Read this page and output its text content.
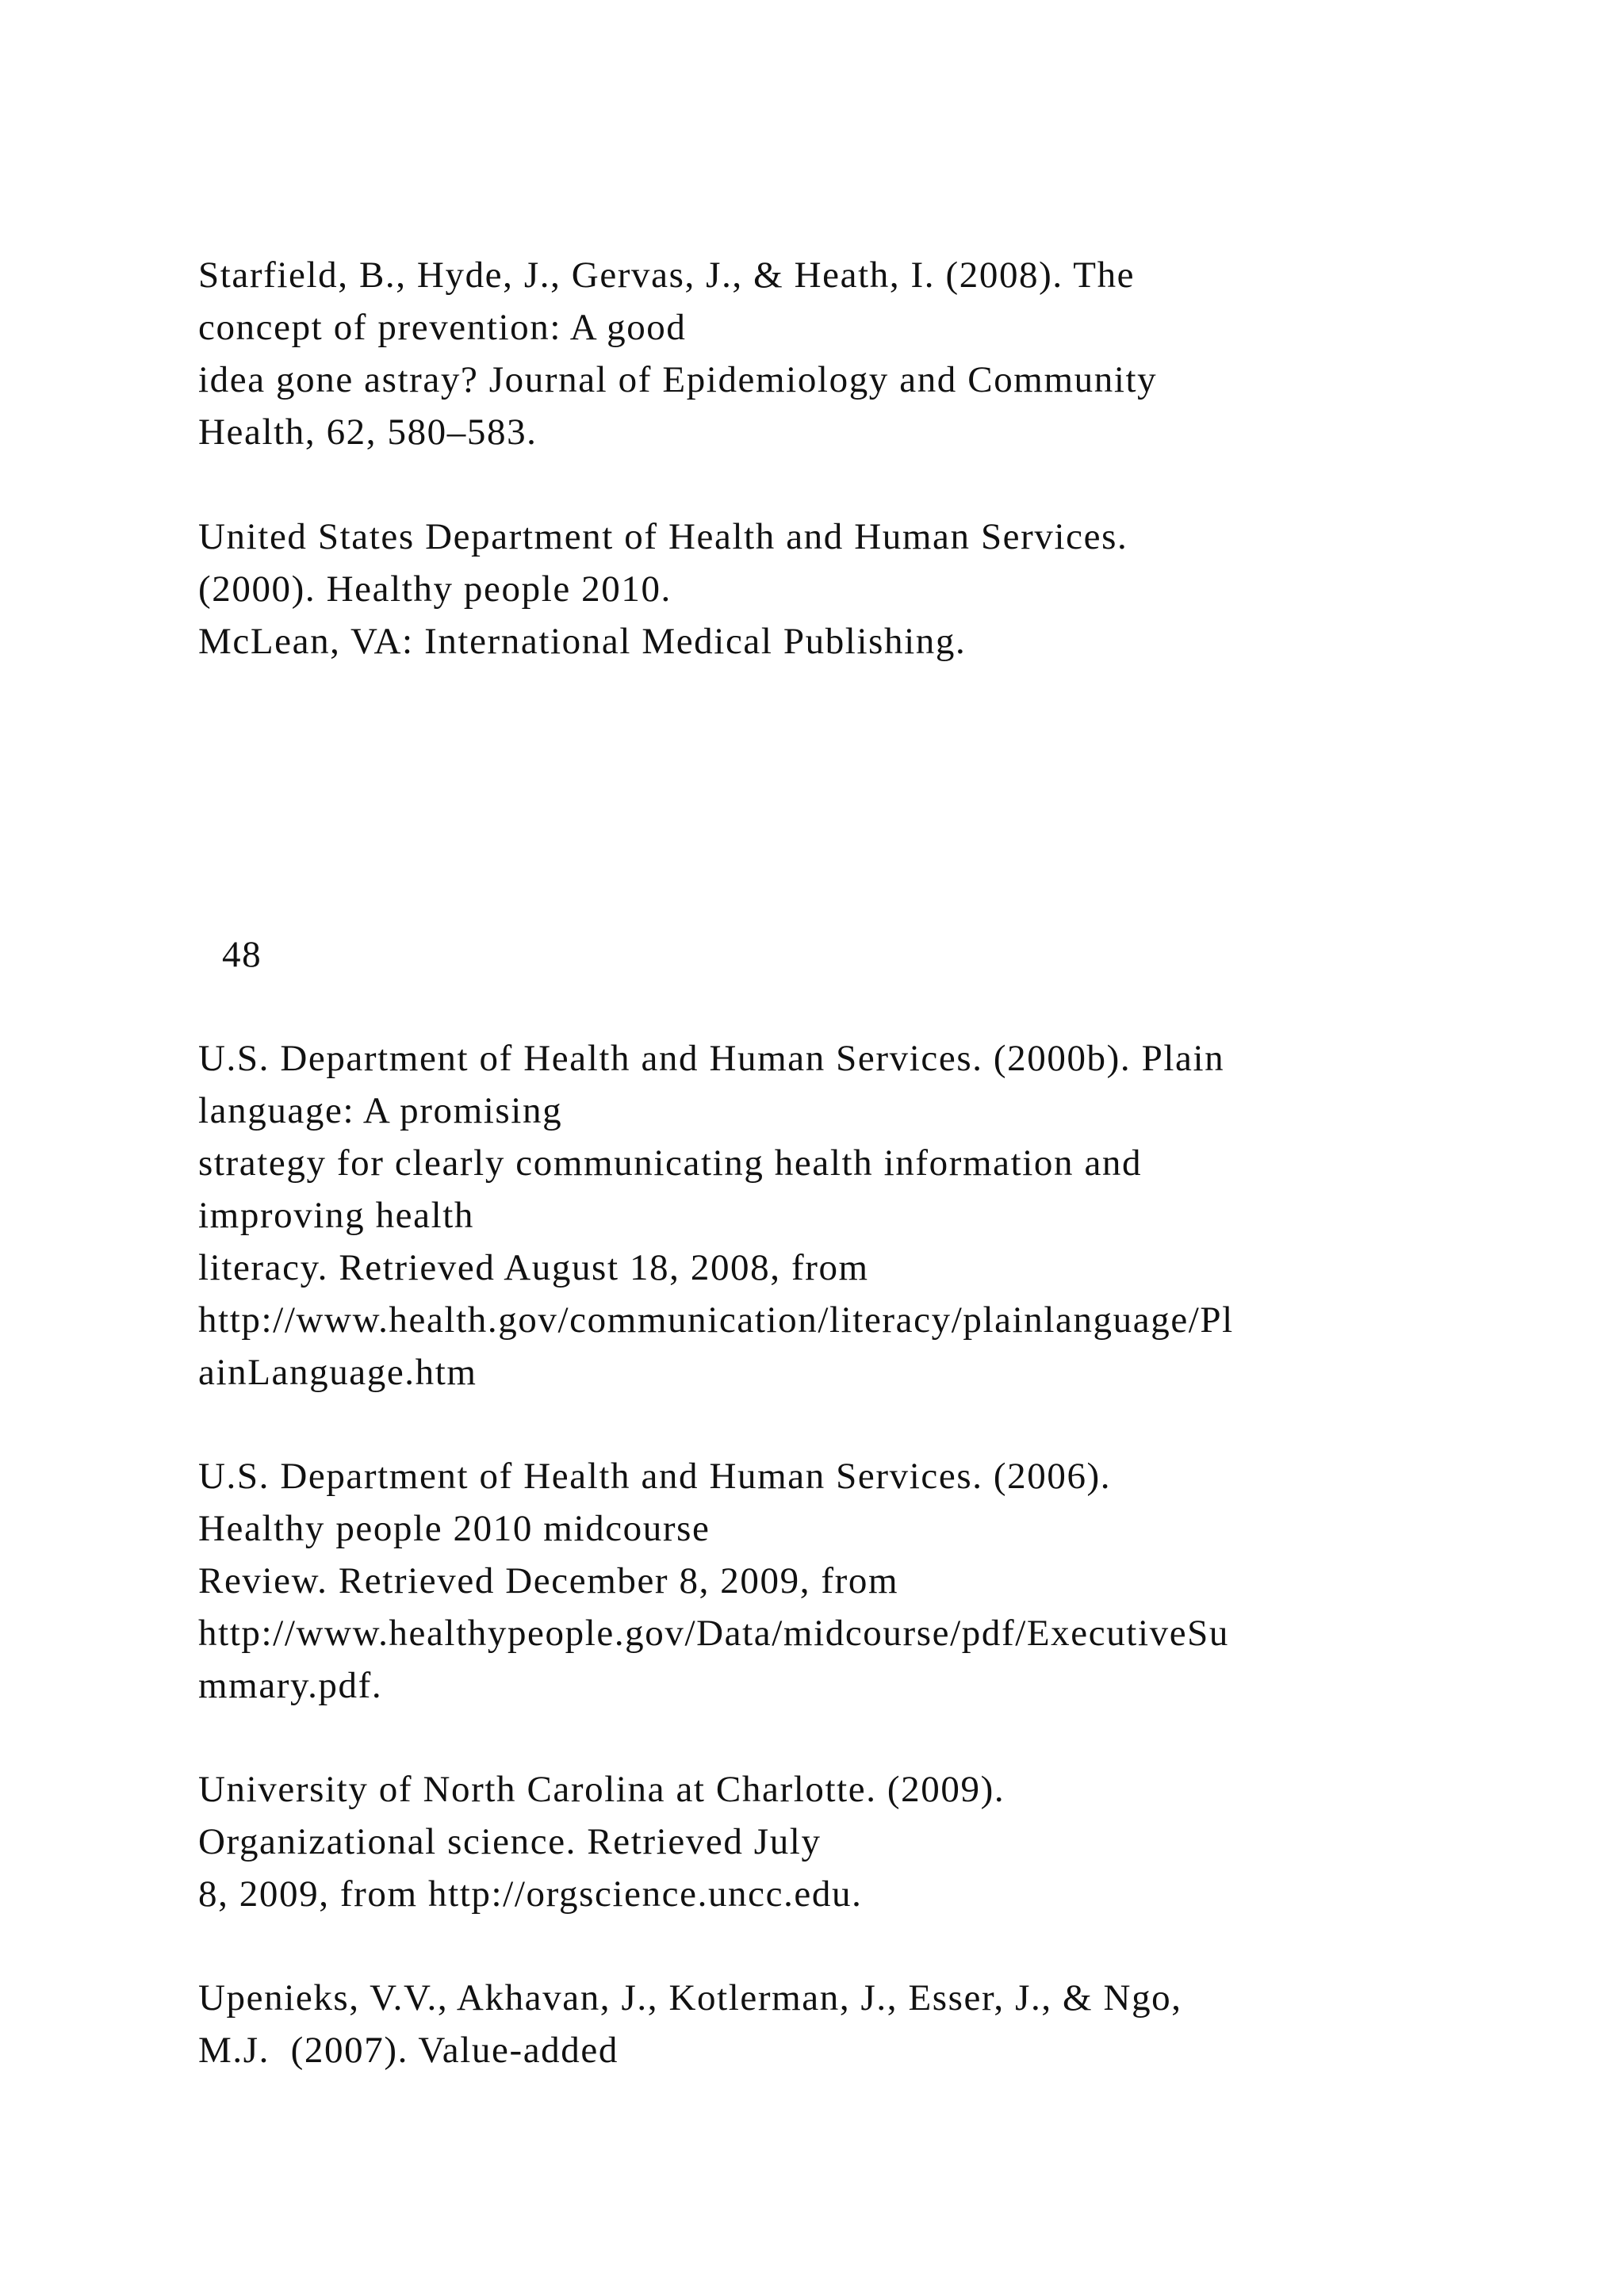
Starfield, B., Hyde, J., Gervas, J., & Heath, I. (2008). The
concept of prevention: A good
idea gone astray? Journal of Epidemiology and Community
Health, 62, 580–583.
United States Department of Health and Human Services.
(2000). Healthy people 2010.
McLean, VA: International Medical Publishing.
48
U.S. Department of Health and Human Services. (2000b). Plain
language: A promising
strategy for clearly communicating health information and
improving health
literacy. Retrieved August 18, 2008, from
http://www.health.gov/communication/literacy/plainlanguage/Pl
ainLanguage.htm
U.S. Department of Health and Human Services. (2006).
Healthy people 2010 midcourse
Review. Retrieved December 8, 2009, from
http://www.healthypeople.gov/Data/midcourse/pdf/ExecutiveSu
mmary.pdf.
University of North Carolina at Charlotte. (2009).
Organizational science. Retrieved July
8, 2009, from http://orgscience.uncc.edu.
Upenieks, V.V., Akhavan, J., Kotlerman, J., Esser, J., & Ngo,
M.J.  (2007). Value-added
